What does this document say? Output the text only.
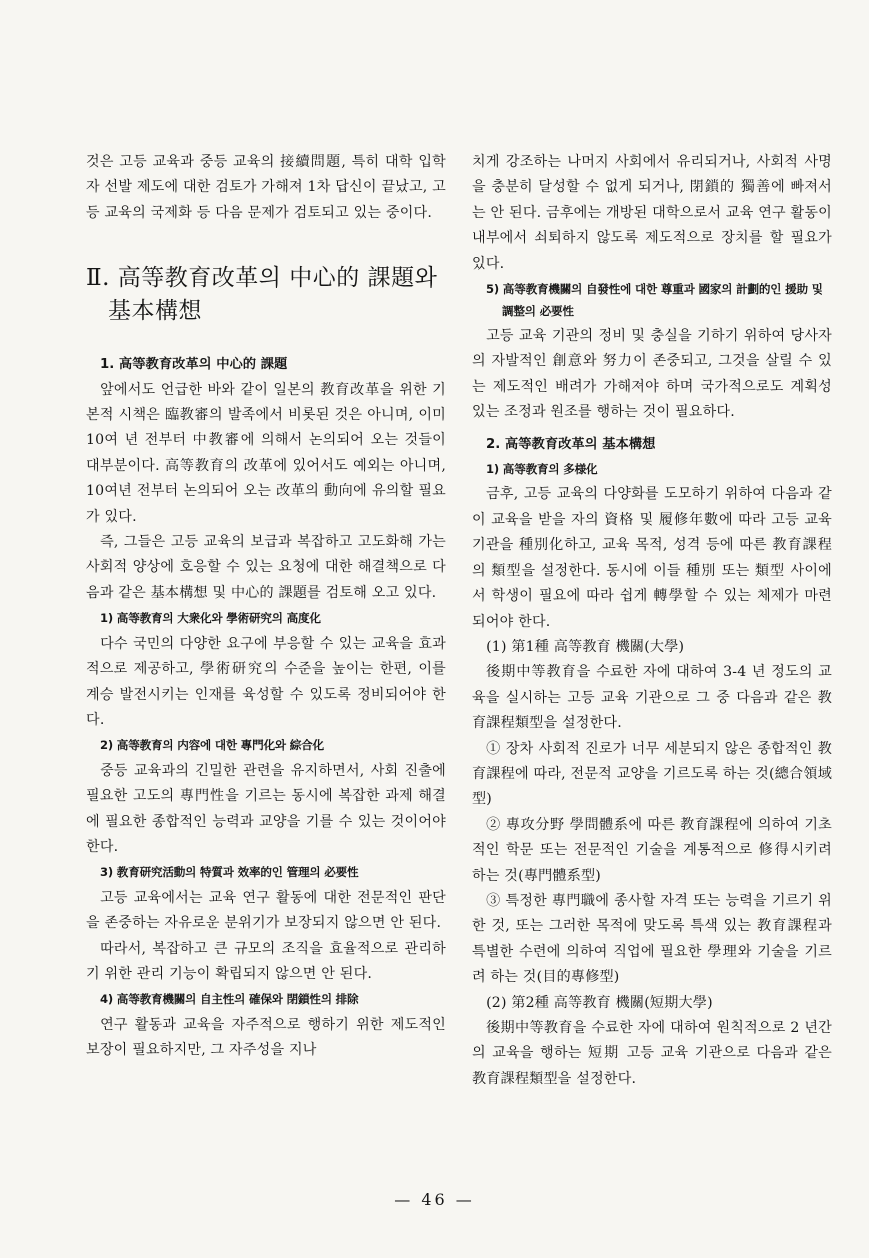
것은 고등 교육과 중등 교육의 接續問題, 특히 대학 입학자 선발 제도에 대한 검토가 가해져 1차 답신이 끝났고, 고등 교육의 국제화 등 다음 문제가 검토되고 있는 중이다.

Ⅱ. 高等教育改革의 中心的 課題와 基本構想

1. 高等教育改革의 中心的 課題

앞에서도 언급한 바와 같이 일본의 教育改革을 위한 기본적 시책은 臨教審의 발족에서 비롯된 것은 아니며, 이미 10여 년 전부터 中教審에 의해서 논의되어 오는 것들이 대부분이다. 高等教育의 改革에 있어서도 예외는 아니며, 10여년 전부터 논의되어 오는 改革의 動向에 유의할 필요가 있다.

즉, 그들은 고등 교육의 보급과 복잡하고 고도화해 가는 사회적 양상에 호응할 수 있는 요청에 대한 해결책으로 다음과 같은 基本構想 및 中心的 課題를 검토해 오고 있다.

1) 高等教育의 大衆化와 學術研究의 高度化

다수 국민의 다양한 요구에 부응할 수 있는 교육을 효과적으로 제공하고, 學術研究의 수준을 높이는 한편, 이를 계승 발전시키는 인재를 육성할 수 있도록 정비되어야 한다.

2) 高等教育의 内容에 대한 專門化와 綜合化

중등 교육과의 긴밀한 관련을 유지하면서, 사회 진출에 필요한 고도의 專門性을 기르는 동시에 복잡한 과제 해결에 필요한 종합적인 능력과 교양을 기를 수 있는 것이어야 한다.

3) 教育研究活動의 特質과 效率的인 管理의 必要性

고등 교육에서는 교육 연구 활동에 대한 전문적인 판단을 존중하는 자유로운 분위기가 보장되지 않으면 안 된다.

따라서, 복잡하고 큰 규모의 조직을 효율적으로 관리하기 위한 관리 기능이 확립되지 않으면 안 된다.

4) 高等教育機關의 自主性의 確保와 閉鎖性의 排除

연구 활동과 교육을 자주적으로 행하기 위한 제도적인 보장이 필요하지만, 그 자주성을 지나

치게 강조하는 나머지 사회에서 유리되거나, 사회적 사명을 충분히 달성할 수 없게 되거나, 閉鎖的 獨善에 빠져서는 안 된다. 금후에는 개방된 대학으로서 교육 연구 활동이 내부에서 쇠퇴하지 않도록 제도적으로 장치를 할 필요가 있다.

5) 高等教育機關의 自發性에 대한 尊重과 國家의 計劃的인 援助 및 調整의 必要性

고등 교육 기관의 정비 및 충실을 기하기 위하여 당사자의 자발적인 創意와 努力이 존중되고, 그것을 살릴 수 있는 제도적인 배려가 가해져야 하며 국가적으로도 계획성 있는 조정과 원조를 행하는 것이 필요하다.

2. 高等教育改革의 基本構想

1) 高等教育의 多様化

금후, 고등 교육의 다양화를 도모하기 위하여 다음과 같이 교육을 받을 자의 資格 및 履修年數에 따라 고등 교육 기관을 種別化하고, 교육 목적, 성격 등에 따른 教育課程의 類型을 설정한다. 동시에 이들 種別 또는 類型 사이에서 학생이 필요에 따라 쉽게 轉學할 수 있는 체제가 마련되어야 한다.

(1) 第1種 高等教育 機關(大學)

後期中等教育을 수료한 자에 대하여 3-4 년 정도의 교육을 실시하는 고등 교육 기관으로 그 중 다음과 같은 教育課程類型을 설정한다.

① 장차 사회적 진로가 너무 세분되지 않은 종합적인 教育課程에 따라, 전문적 교양을 기르도록 하는 것(總合領域型)

② 專攻分野 學問體系에 따른 教育課程에 의하여 기초적인 학문 또는 전문적인 기술을 계통적으로 修得시키려 하는 것(專門體系型)

③ 특정한 專門職에 종사할 자격 또는 능력을 기르기 위한 것, 또는 그러한 목적에 맞도록 특색 있는 教育課程과 특별한 수련에 의하여 직업에 필요한 學理와 기술을 기르려 하는 것(目的專修型)

(2) 第2種 高等教育 機關(短期大學)

後期中等教育을 수료한 자에 대하여 원칙적으로 2 년간의 교육을 행하는 短期 고등 교육 기관으로 다음과 같은 教育課程類型을 설정한다.

— 46 —
